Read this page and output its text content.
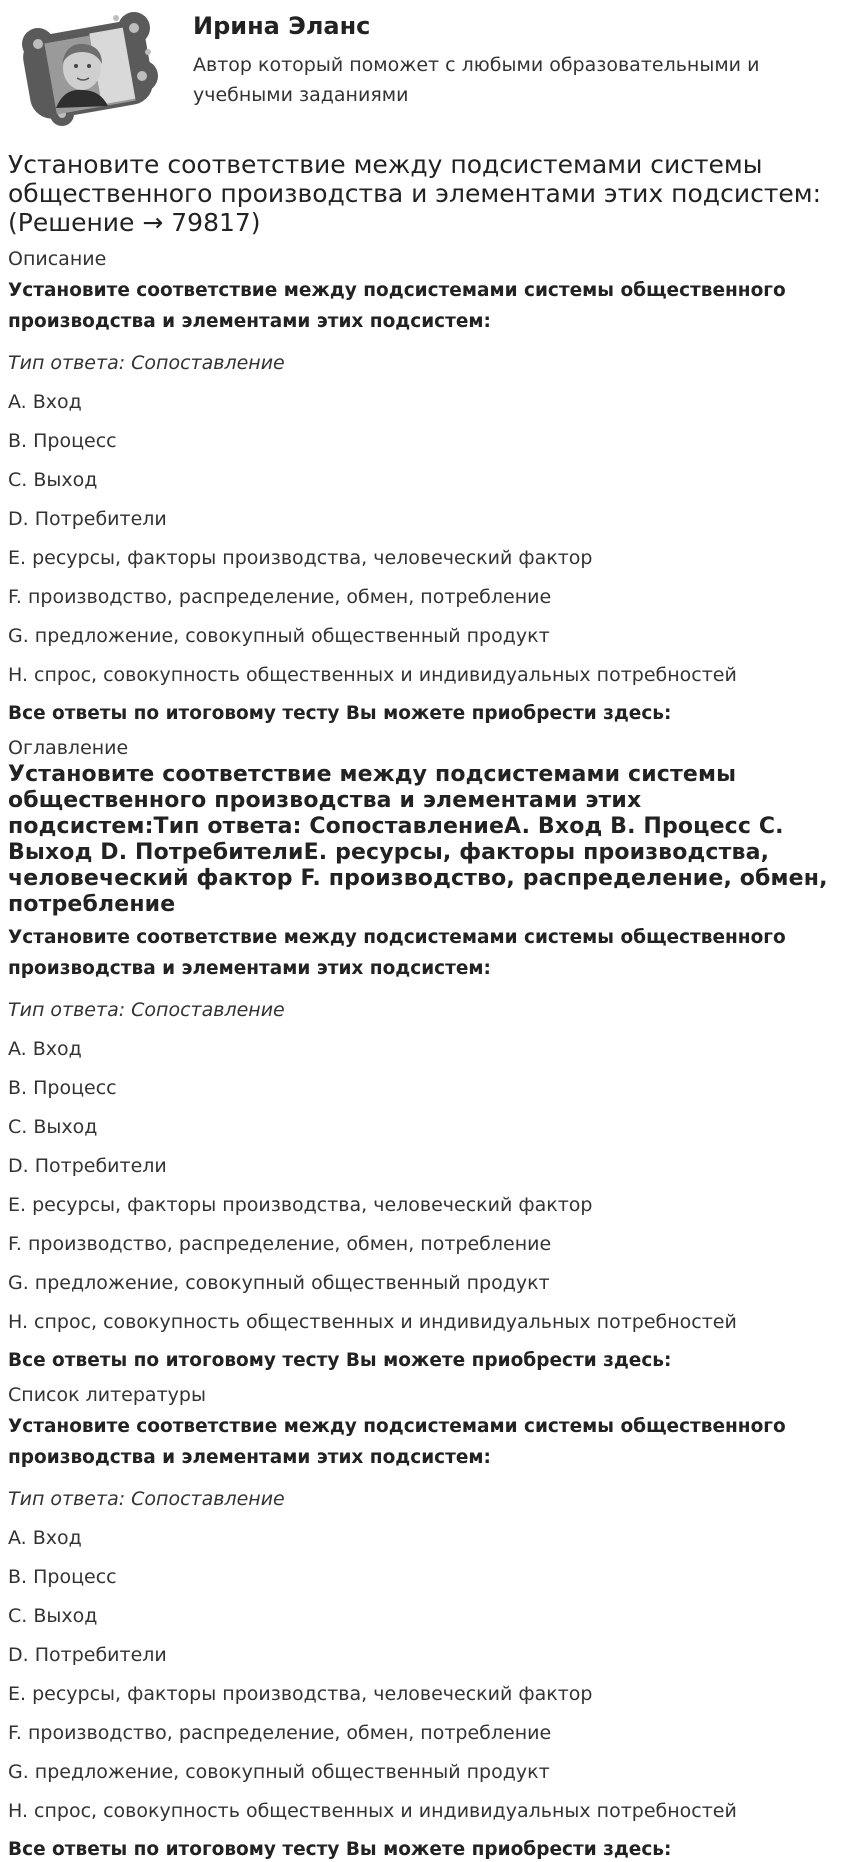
Ирина Эланс
Автор который поможет с любыми образовательными и учебными заданиями
Установите соответствие между подсистемами системы общественного производства и элементами этих подсистем: (Решение → 79817)
Описание
Установите соответствие между подсистемами системы общественного производства и элементами этих подсистем:
Тип ответа: Сопоставление
A. Вход
B. Процесс
C. Выход
D. Потребители
E. ресурсы, факторы производства, человеческий фактор
F. производство, распределение, обмен, потребление
G. предложение, совокупный общественный продукт
H. спрос, совокупность общественных и индивидуальных потребностей
Все ответы по итоговому тесту Вы можете приобрести здесь:
Оглавление
Установите соответствие между подсистемами системы общественного производства и элементами этих подсистем:Тип ответа: СопоставлениеA. Вход B. Процесс C. Выход D. ПотребителиE. ресурсы, факторы производства, человеческий фактор F. производство, распределение, обмен, потребление
Установите соответствие между подсистемами системы общественного производства и элементами этих подсистем:
Тип ответа: Сопоставление
A. Вход
B. Процесс
C. Выход
D. Потребители
E. ресурсы, факторы производства, человеческий фактор
F. производство, распределение, обмен, потребление
G. предложение, совокупный общественный продукт
H. спрос, совокупность общественных и индивидуальных потребностей
Все ответы по итоговому тесту Вы можете приобрести здесь:
Список литературы
Установите соответствие между подсистемами системы общественного производства и элементами этих подсистем:
Тип ответа: Сопоставление
A. Вход
B. Процесс
C. Выход
D. Потребители
E. ресурсы, факторы производства, человеческий фактор
F. производство, распределение, обмен, потребление
G. предложение, совокупный общественный продукт
H. спрос, совокупность общественных и индивидуальных потребностей
Все ответы по итоговому тесту Вы можете приобрести здесь:
